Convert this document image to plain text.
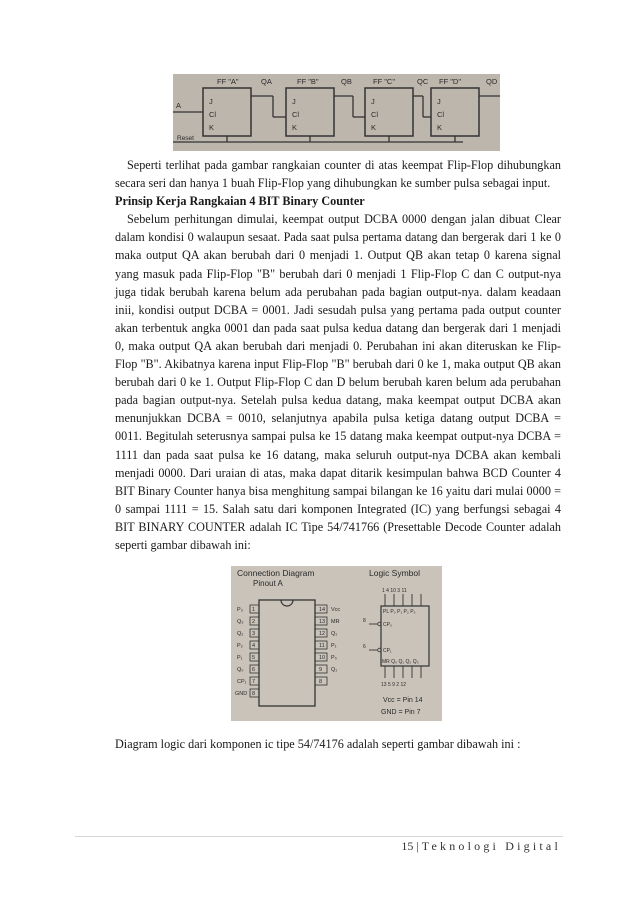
FF "A"	FF "B"	FF "C"	FF "D"
QA	QB	QC	QD
A
Reset
J
Cl
K
J
Cl
K
J
Cl
K
J
Cl
K

Seperti terlihat pada gambar rangkaian counter di atas keempat Flip-Flop dihubungkan secara seri dan hanya 1 buah Flip-Flop yang dihubungkan ke sumber pulsa sebagai input.

Prinsip Kerja Rangkaian 4 BIT Binary Counter

Sebelum perhitungan dimulai, keempat output DCBA 0000 dengan jalan dibuat Clear dalam kondisi 0 walaupun sesaat. Pada saat pulsa pertama datang dan bergerak dari 1 ke 0 maka output QA akan berubah dari 0 menjadi 1. Output QB akan tetap 0 karena signal yang masuk pada Flip-Flop "B" berubah dari 0 menjadi 1 Flip-Flop C dan C output-nya juga tidak berubah karena belum ada perubahan pada bagian output-nya. dalam keadaan inii, kondisi output DCBA = 0001. Jadi sesudah pulsa yang pertama pada output counter akan terbentuk angka 0001 dan pada saat pulsa kedua datang dan bergerak dari 1 menjadi 0, maka output QA akan berubah dari menjadi 0. Perubahan ini akan diteruskan ke Flip-Flop "B". Akibatnya karena input Flip-Flop "B" berubah dari 0 ke 1, maka output QB akan berubah dari 0 ke 1. Output Flip-Flop C dan D belum berubah karen belum ada perubahan pada bagian output-nya. Setelah pulsa kedua datang, maka keempat output DCBA akan menunjukkan DCBA = 0010, selanjutnya apabila pulsa ketiga datang output DCBA = 0011. Begitulah seterusnya sampai pulsa ke 15 datang maka keempat output-nya DCBA = 1111 dan pada saat pulsa ke 16 datang, maka seluruh output-nya DCBA akan kembali menjadi 0000. Dari uraian di atas, maka dapat ditarik kesimpulan bahwa BCD Counter 4 BIT Binary Counter hanya bisa menghitung sampai bilangan ke 16 yaitu dari mulai 0000 = 0 sampai 1111 = 15. Salah satu dari komponen Integrated (IC) yang berfungsi sebagai 4 BIT BINARY COUNTER adalah IC Tipe 54/741766 (Presettable Decode Counter adalah seperti gambar dibawah ini:

Connection Diagram
Pinout A
Logic Symbol
P₃
Q₃
Q₂
P₂
P₁
Q₀
CP₁
GND
1
2
3
4
5
6
7
8
14
13
12
11
10
9
8
Vcc
MR
Q₁
P₁
P₀
Q₁
1 4 10 3 11
PL P₀ P₁ P₂ P₃
CP₀
CP₁
8
6
MR Q₀ Q₁ Q₂ Q₃
13 5 9 2 12
Vcc = Pin 14
GND = Pin 7
Diagram logic dari komponen ic tipe 54/74176 adalah seperti gambar dibawah ini :
15 | Teknologi Digital
